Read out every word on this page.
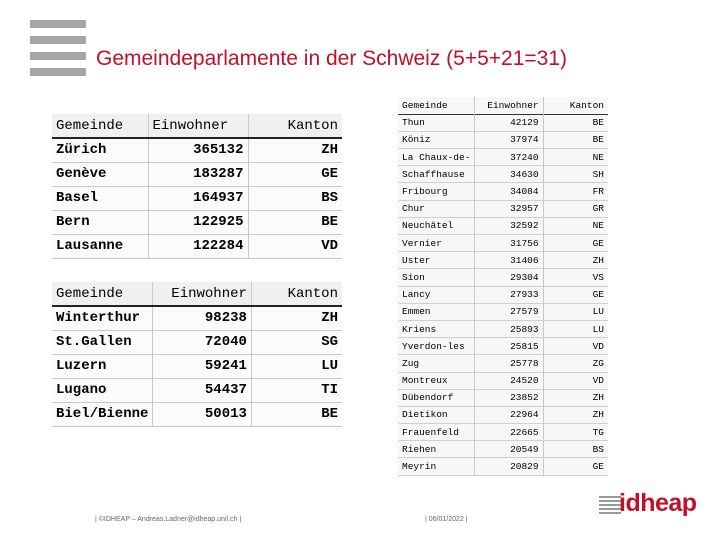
Gemeindeparlamente in der Schweiz (5+5+21=31)
Gemeinde	Einwohner	Kanton
Zürich	365132	ZH
Genève	183287	GE
Basel	164937	BS
Bern	122925	BE
Lausanne	122284	VD
Gemeinde	Einwohner	Kanton
Winterthur	98238	ZH
St.Gallen	72040	SG
Luzern	59241	LU
Lugano	54437	TI
Biel/Bienne	50013	BE
Gemeinde	Einwohner	Kanton
Thun	42129	BE
Köniz	37974	BE
La Chaux-de-	37240	NE
Schaffhause	34630	SH
Fribourg	34084	FR
Chur	32957	GR
Neuchâtel	32592	NE
Vernier	31756	GE
Uster	31406	ZH
Sion	29304	VS
Lancy	27933	GE
Emmen	27579	LU
Kriens	25893	LU
Yverdon-les	25815	VD
Zug	25778	ZG
Montreux	24520	VD
Dübendorf	23852	ZH
Dietikon	22964	ZH
Frauenfeld	22665	TG
Riehen	20549	BS
Meyrin	20829	GE
| ©IDHEAP – Andreas.Ladner@idheap.unil.ch |	| 06/01/2022 |
idheap
